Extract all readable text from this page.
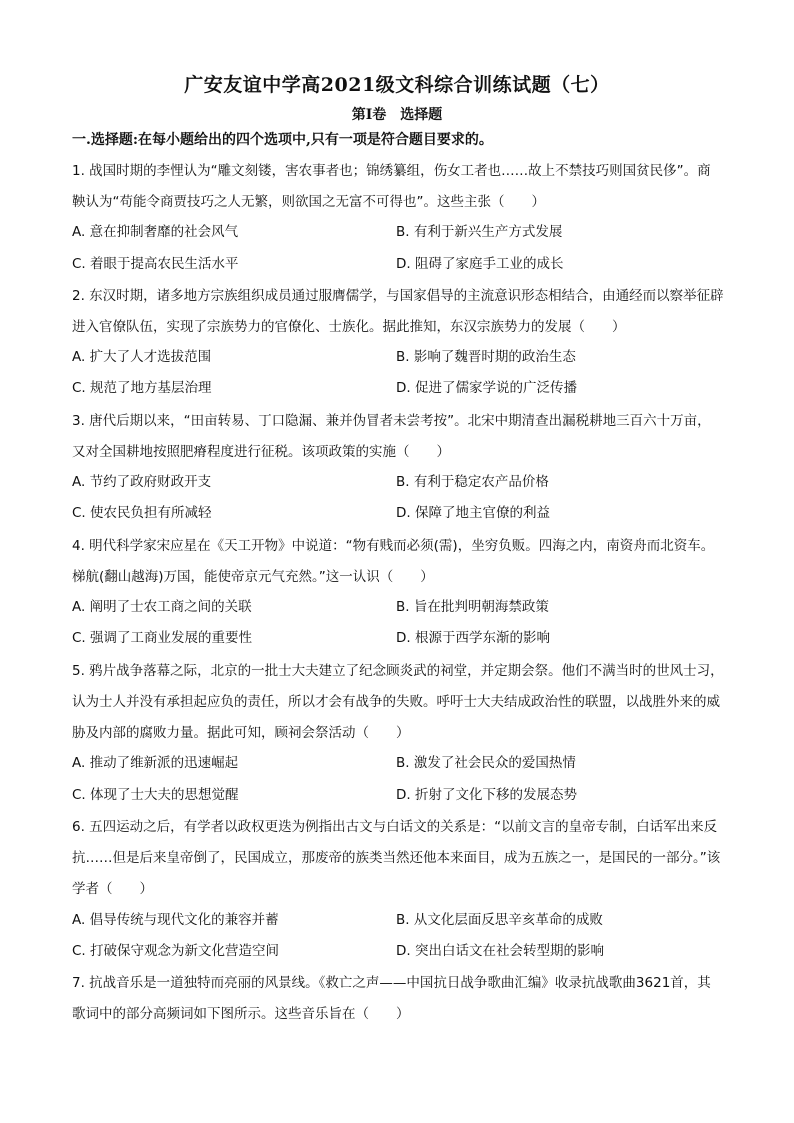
广安友谊中学高2021级文科综合训练试题（七）
第Ⅰ卷　选择题
一.选择题:在每小题给出的四个选项中,只有一项是符合题目要求的。
1. 战国时期的李悝认为“雕文刻镂，害农事者也；锦绣纂组，伤女工者也……故上不禁技巧则国贫民侈”。商鞅认为“苟能令商贾技巧之人无繁，则欲国之无富不可得也”。这些主张（　　）
A. 意在抑制奢靡的社会风气	B. 有利于新兴生产方式发展
C. 着眼于提高农民生活水平	D. 阻碍了家庭手工业的成长
2. 东汉时期，诸多地方宗族组织成员通过服膺儒学，与国家倡导的主流意识形态相结合，由通经而以察举征辟进入官僚队伍，实现了宗族势力的官僚化、士族化。据此推知，东汉宗族势力的发展（　　）
A. 扩大了人才选拔范围	B. 影响了魏晋时期的政治生态
C. 规范了地方基层治理	D. 促进了儒家学说的广泛传播
3. 唐代后期以来，“田亩转易、丁口隐漏、兼并伪冒者未尝考按”。北宋中期清查出漏税耕地三百六十万亩，又对全国耕地按照肥瘠程度进行征税。该项政策的实施（　　）
A. 节约了政府财政开支	B. 有利于稳定农产品价格
C. 使农民负担有所减轻	D. 保障了地主官僚的利益
4. 明代科学家宋应星在《天工开物》中说道：“物有贱而必须(需)，坐穷负贩。四海之内，南资舟而北资车。梯航(翻山越海)万国，能使帝京元气充然。”这一认识（　　）
A. 阐明了士农工商之间的关联	B. 旨在批判明朝海禁政策
C. 强调了工商业发展的重要性	D. 根源于西学东渐的影响
5. 鸦片战争落幕之际，北京的一批士大夫建立了纪念顾炎武的祠堂，并定期会祭。他们不满当时的世风士习，认为士人并没有承担起应负的责任，所以才会有战争的失败。呼吁士大夫结成政治性的联盟，以战胜外来的威胁及内部的腐败力量。据此可知，顾祠会祭活动（　　）
A. 推动了维新派的迅速崛起	B. 激发了社会民众的爱国热情
C. 体现了士大夫的思想觉醒	D. 折射了文化下移的发展态势
6. 五四运动之后，有学者以政权更迭为例指出古文与白话文的关系是：“以前文言的皇帝专制，白话军出来反抗……但是后来皇帝倒了，民国成立，那废帝的族类当然还他本来面目，成为五族之一，是国民的一部分。”该学者（　　）
A. 倡导传统与现代文化的兼容并蓄	B. 从文化层面反思辛亥革命的成败
C. 打破保守观念为新文化营造空间	D. 突出白话文在社会转型期的影响
7. 抗战音乐是一道独特而亮丽的风景线。《救亡之声——中国抗日战争歌曲汇编》收录抗战歌曲3621首，其歌词中的部分高频词如下图所示。这些音乐旨在（　　）
